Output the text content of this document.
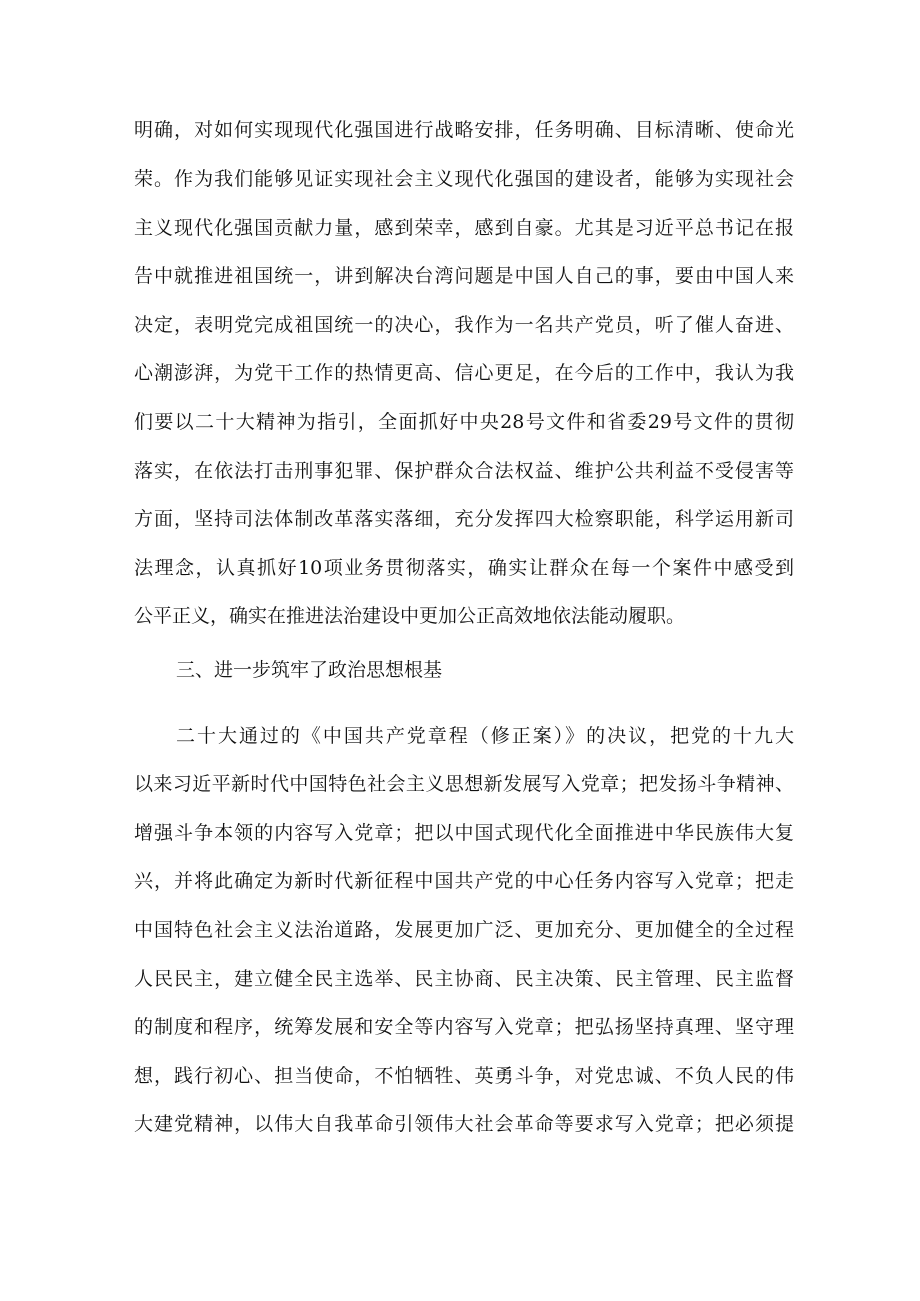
明确，对如何实现现代化强国进行战略安排，任务明确、目标清晰、使命光
荣。作为我们能够见证实现社会主义现代化强国的建设者，能够为实现社会
主义现代化强国贡献力量，感到荣幸，感到自豪。尤其是习近平总书记在报
告中就推进祖国统一，讲到解决台湾问题是中国人自己的事，要由中国人来
决定，表明党完成祖国统一的决心，我作为一名共产党员，听了催人奋进、
心潮澎湃，为党干工作的热情更高、信心更足，在今后的工作中，我认为我
们要以二十大精神为指引，全面抓好中央28号文件和省委29号文件的贯彻
落实，在依法打击刑事犯罪、保护群众合法权益、维护公共利益不受侵害等
方面，坚持司法体制改革落实落细，充分发挥四大检察职能，科学运用新司
法理念，认真抓好10项业务贯彻落实，确实让群众在每一个案件中感受到
公平正义，确实在推进法治建设中更加公正高效地依法能动履职。
三、进一步筑牢了政治思想根基
二十大通过的《中国共产党章程（修正案）》的决议，把党的十九大
以来习近平新时代中国特色社会主义思想新发展写入党章；把发扬斗争精神、
增强斗争本领的内容写入党章；把以中国式现代化全面推进中华民族伟大复
兴，并将此确定为新时代新征程中国共产党的中心任务内容写入党章；把走
中国特色社会主义法治道路，发展更加广泛、更加充分、更加健全的全过程
人民民主，建立健全民主选举、民主协商、民主决策、民主管理、民主监督
的制度和程序，统筹发展和安全等内容写入党章；把弘扬坚持真理、坚守理
想，践行初心、担当使命，不怕牺牲、英勇斗争，对党忠诚、不负人民的伟
大建党精神，以伟大自我革命引领伟大社会革命等要求写入党章；把必须提
